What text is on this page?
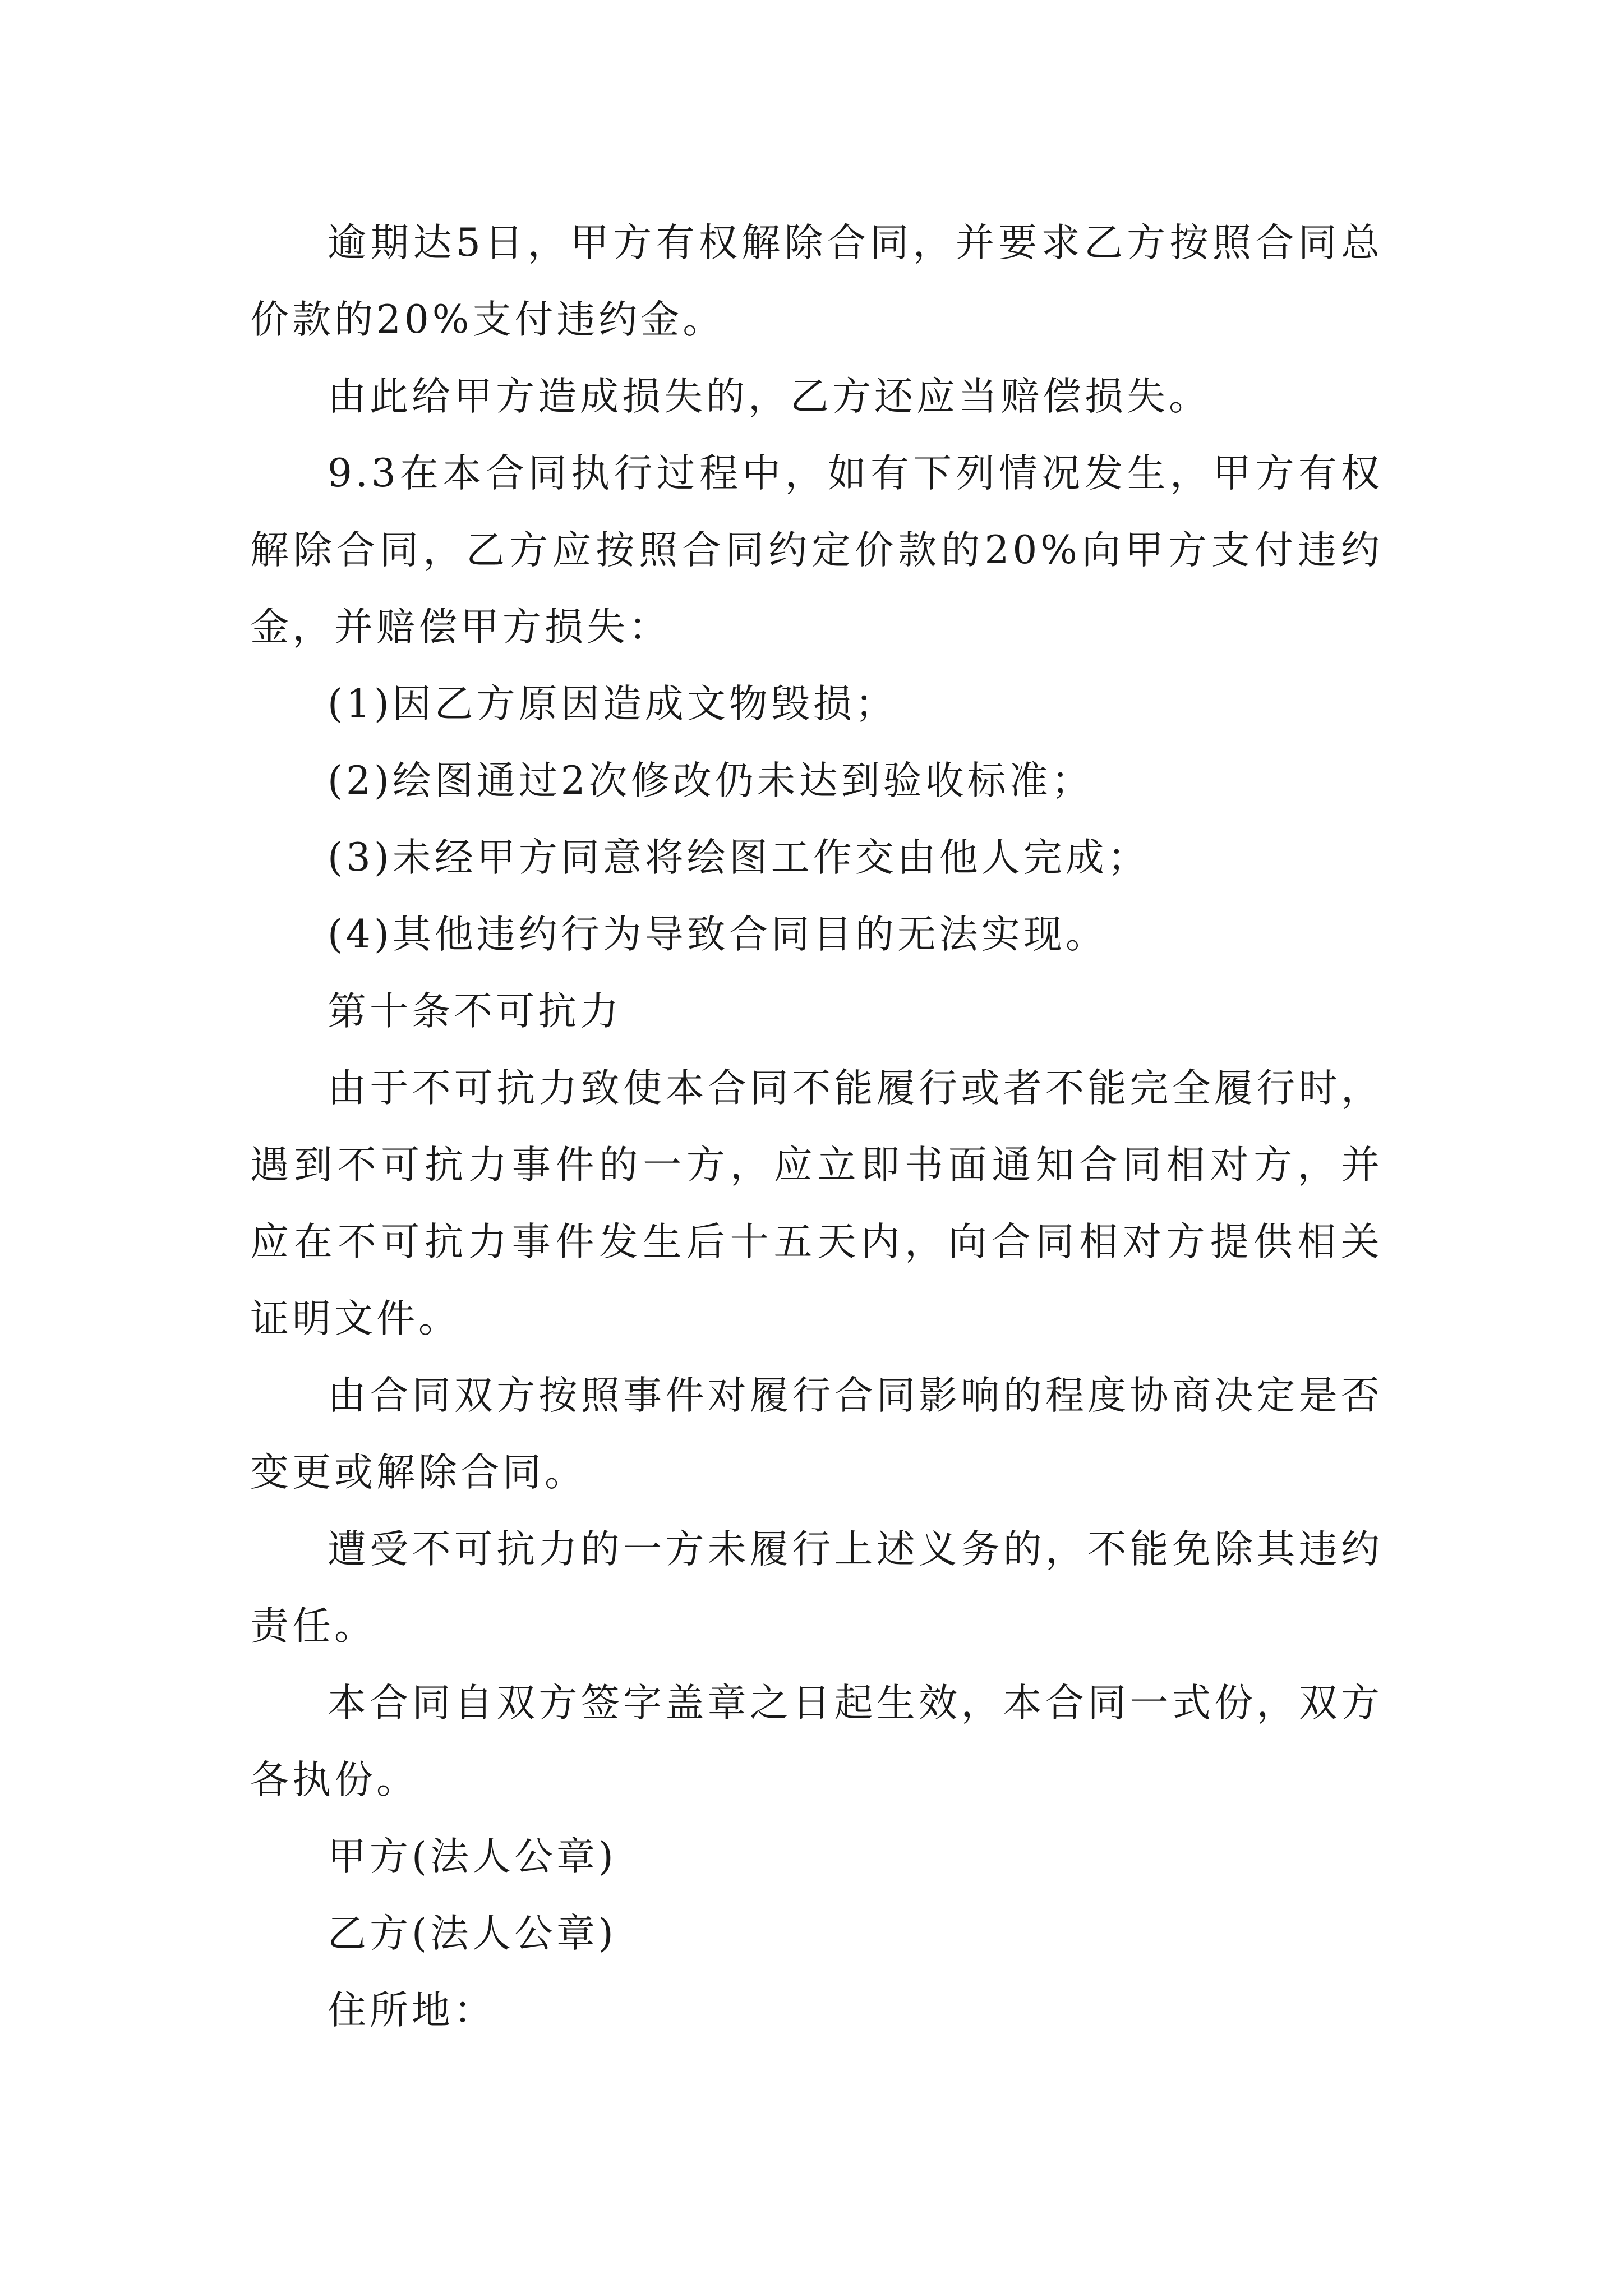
逾期达5日，甲方有权解除合同，并要求乙方按照合同总价款的20%支付违约金。

由此给甲方造成损失的，乙方还应当赔偿损失。

9.3在本合同执行过程中，如有下列情况发生，甲方有权解除合同，乙方应按照合同约定价款的20%向甲方支付违约金，并赔偿甲方损失：

(1)因乙方原因造成文物毁损；

(2)绘图通过2次修改仍未达到验收标准；

(3)未经甲方同意将绘图工作交由他人完成；

(4)其他违约行为导致合同目的无法实现。

第十条不可抗力

由于不可抗力致使本合同不能履行或者不能完全履行时，遇到不可抗力事件的一方，应立即书面通知合同相对方，并应在不可抗力事件发生后十五天内，向合同相对方提供相关证明文件。

由合同双方按照事件对履行合同影响的程度协商决定是否变更或解除合同。

遭受不可抗力的一方未履行上述义务的，不能免除其违约责任。

本合同自双方签字盖章之日起生效，本合同一式份，双方各执份。

甲方(法人公章)

乙方(法人公章)

住所地：
